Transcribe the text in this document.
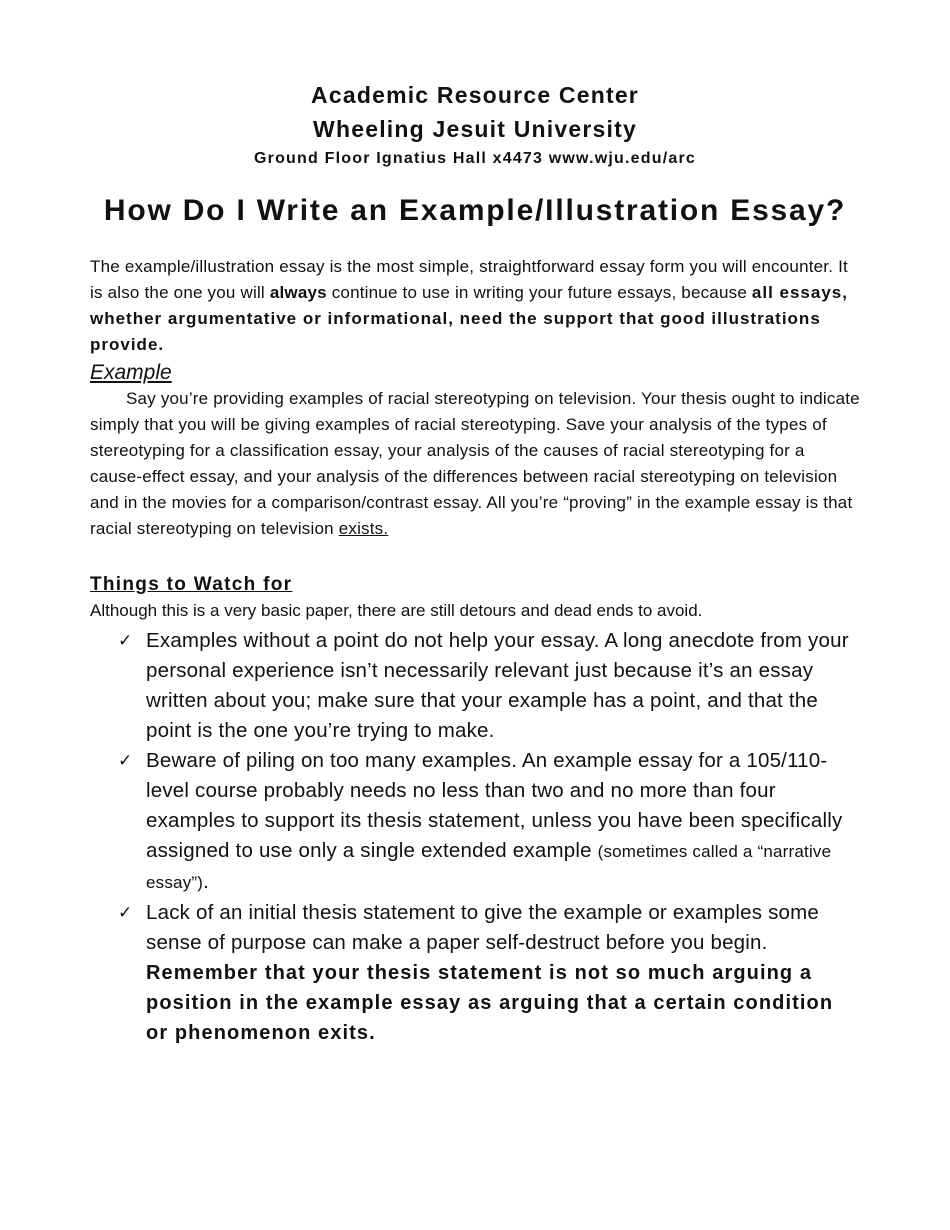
Academic Resource Center
Wheeling Jesuit University
Ground Floor Ignatius Hall x4473 www.wju.edu/arc
How Do I Write an Example/Illustration Essay?
The example/illustration essay is the most simple, straightforward essay form you will encounter. It is also the one you will always continue to use in writing your future essays, because all essays, whether argumentative or informational, need the support that good illustrations provide.
Example
Say you’re providing examples of racial stereotyping on television. Your thesis ought to indicate simply that you will be giving examples of racial stereotyping. Save your analysis of the types of stereotyping for a classification essay, your analysis of the causes of racial stereotyping for a cause-effect essay, and your analysis of the differences between racial stereotyping on television and in the movies for a comparison/contrast essay. All you’re “proving” in the example essay is that racial stereotyping on television exists.
Things to Watch for
Although this is a very basic paper, there are still detours and dead ends to avoid.
✓ Examples without a point do not help your essay. A long anecdote from your personal experience isn’t necessarily relevant just because it’s an essay written about you; make sure that your example has a point, and that the point is the one you’re trying to make.
✓ Beware of piling on too many examples. An example essay for a 105/110-level course probably needs no less than two and no more than four examples to support its thesis statement, unless you have been specifically assigned to use only a single extended example (sometimes called a “narrative essay”).
✓ Lack of an initial thesis statement to give the example or examples some sense of purpose can make a paper self-destruct before you begin. Remember that your thesis statement is not so much arguing a position in the example essay as arguing that a certain condition or phenomenon exits.
